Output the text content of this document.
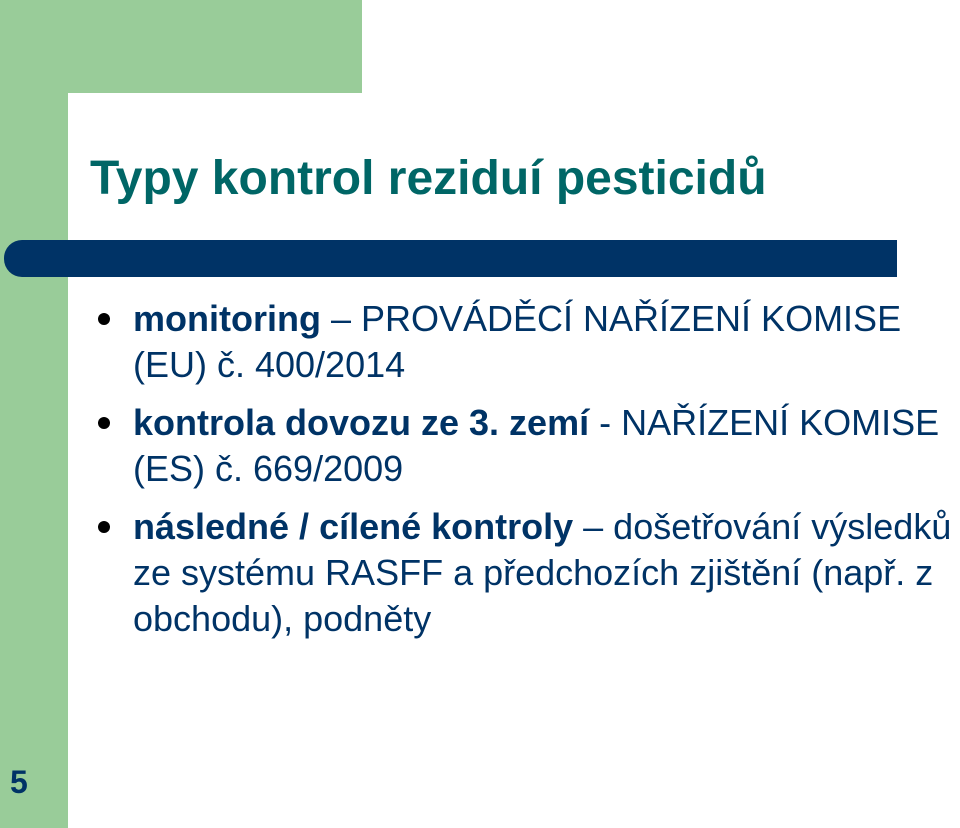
Typy kontrol reziduí pesticidů
monitoring – PROVÁDĚCÍ NAŘÍZENÍ KOMISE (EU) č. 400/2014
kontrola dovozu ze 3. zemí - NAŘÍZENÍ KOMISE (ES) č. 669/2009
následné / cílené kontroly – došetřování výsledků ze systému RASFF a předchozích zjištění (např. z obchodu), podněty
5
